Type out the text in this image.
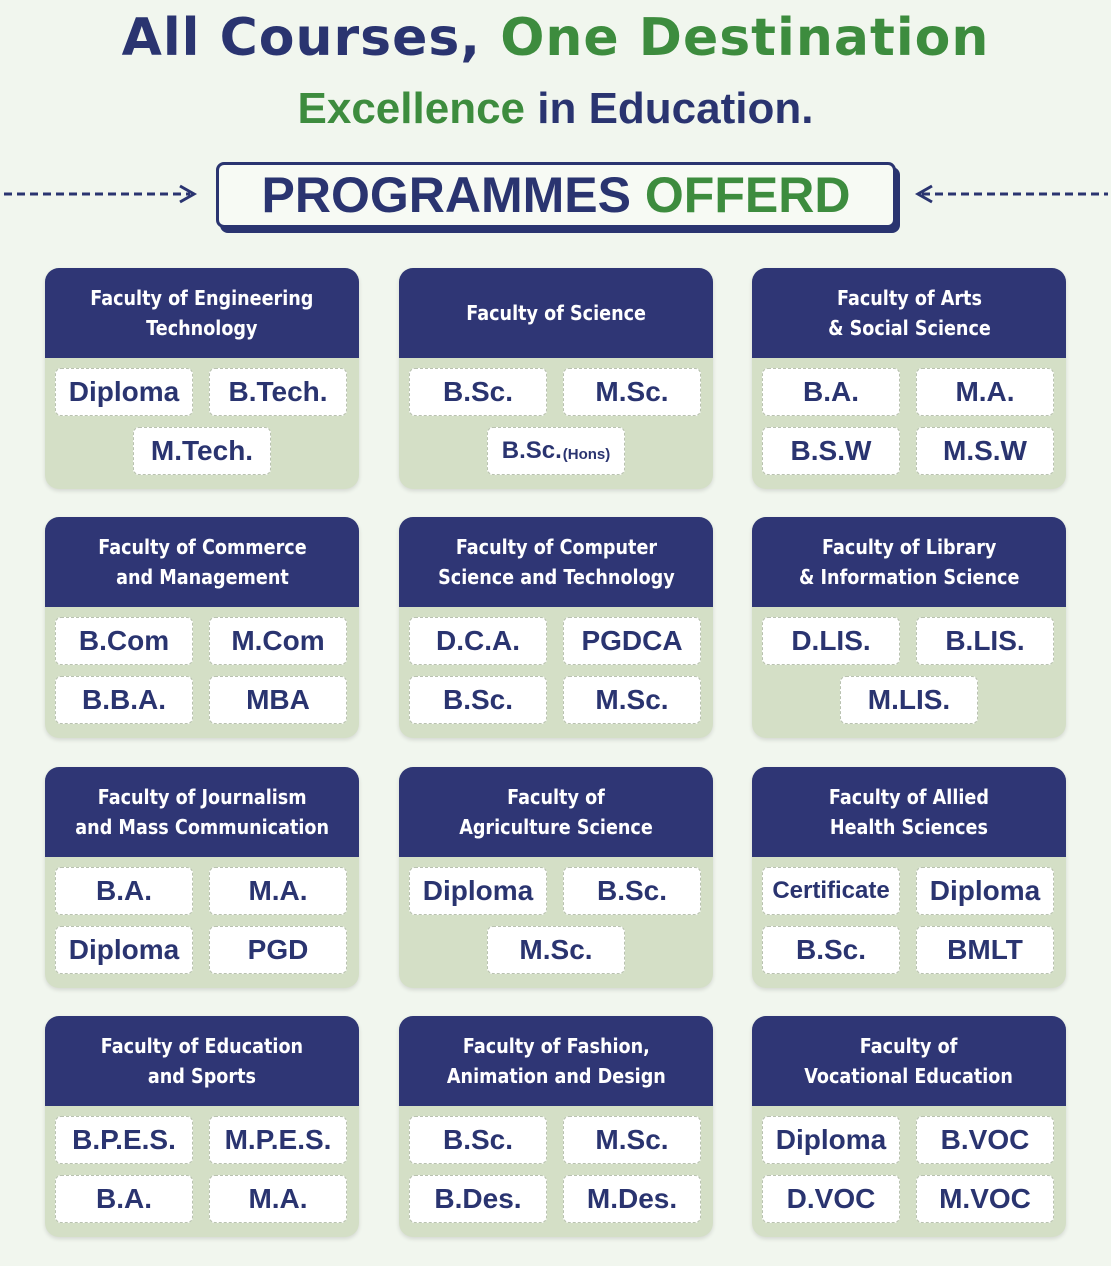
All Courses, One Destination
Excellence in Education.
PROGRAMMES OFFERD
Faculty of Engineering
Technology
Diploma	B.Tech.
M.Tech.
Faculty of Science
B.Sc.	M.Sc.
B.Sc. (Hons)
Faculty of Arts
& Social Science
B.A.	M.A.
B.S.W	M.S.W
Faculty of Commerce
and Management
B.Com	M.Com
B.B.A.	MBA
Faculty of Computer
Science and Technology
D.C.A.	PGDCA
B.Sc.	M.Sc.
Faculty of Library
& Information Science
D.LIS.	B.LIS.
M.LIS.
Faculty of Journalism
and Mass Communication
B.A.	M.A.
Diploma	PGD
Faculty of
Agriculture Science
Diploma	B.Sc.
M.Sc.
Faculty of Allied
Health Sciences
Certificate	Diploma
B.Sc.	BMLT
Faculty of Education
and Sports
B.P.E.S.	M.P.E.S.
B.A.	M.A.
Faculty of Fashion,
Animation and Design
B.Sc.	M.Sc.
B.Des.	M.Des.
Faculty of
Vocational Education
Diploma	B.VOC
D.VOC	M.VOC
